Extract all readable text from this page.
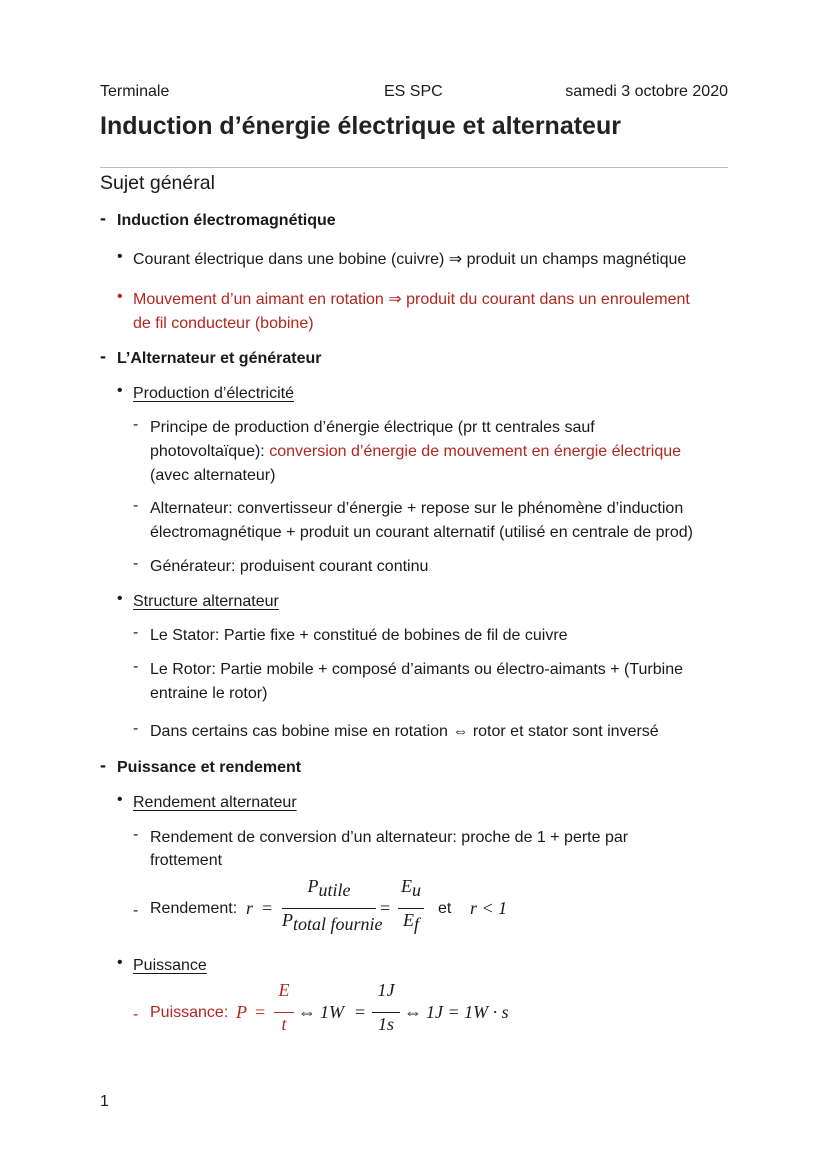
Terminale	ES SPC	samedi 3 octobre 2020
Induction d’énergie électrique et alternateur
Sujet général
- Induction électromagnétique
• Courant électrique dans une bobine (cuivre) ⇒ produit un champs magnétique
• Mouvement d’un aimant en rotation ⇒ produit du courant dans un enroulement
de fil conducteur (bobine)
- L’Alternateur et générateur
• Production d’électricité
- Principe de production d’énergie électrique (pr tt centrales sauf
photovoltaïque): conversion d’énergie de mouvement en énergie électrique
(avec alternateur)
- Alternateur: convertisseur d’énergie + repose sur le phénomène d’induction
électromagnétique + produit un courant alternatif (utilisé en centrale de prod)
- Générateur: produisent courant continu
• Structure alternateur
- Le Stator: Partie fixe + constitué de bobines de fil de cuivre
- Le Rotor: Partie mobile + composé d’aimants ou électro-aimants + (Turbine
entraine le rotor)
- Dans certains cas bobine mise en rotation ⇔ rotor et stator sont inversé
- Puissance et rendement
• Rendement alternateur
- Rendement de conversion d’un alternateur: proche de 1 + perte par
frottement
- Rendement: r =
$P_{utile}$
$P_{total fournie}$
=
$E_u$
$E_f$
et r < 1
• Puissance
- Puissance: P =
E
t
⇔ 1W =
1J
1s
⇔ 1J = 1W · s
1
